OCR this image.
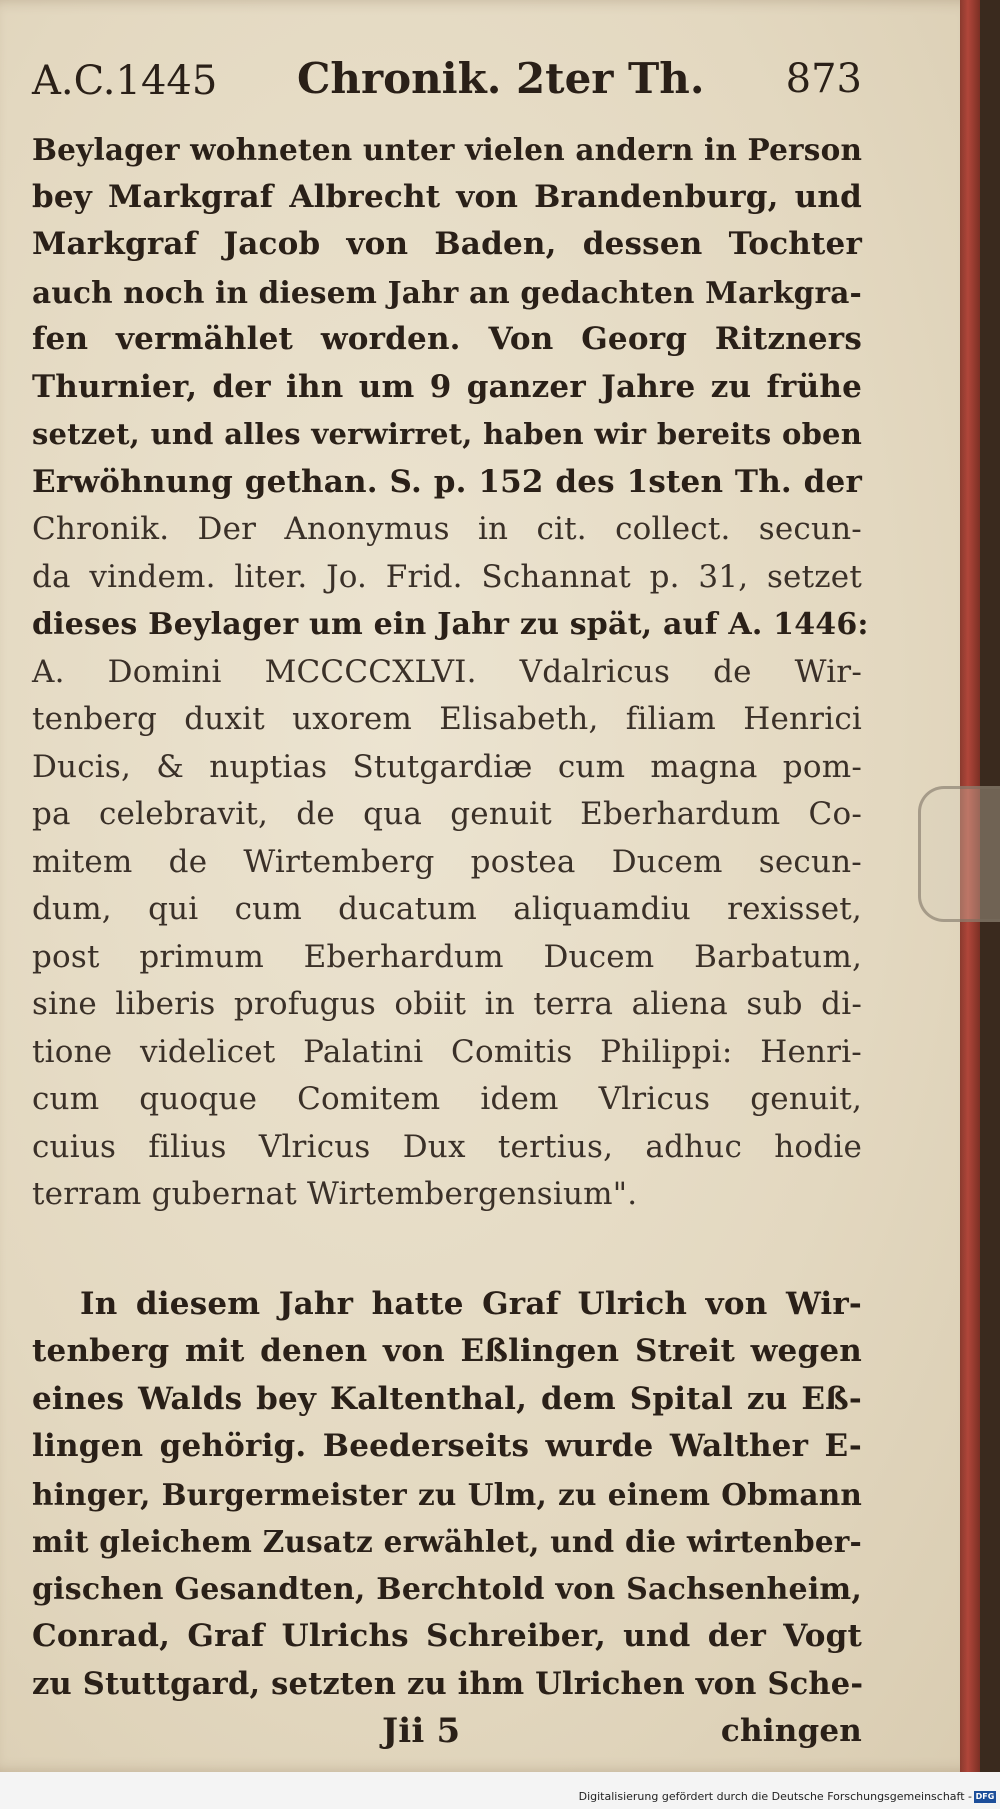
A.C.1445 Chronik. 2ter Th. 873
Beylager wohneten unter vielen andern in Person
bey Markgraf Albrecht von Brandenburg, und
Markgraf Jacob von Baden, dessen Tochter
auch noch in diesem Jahr an gedachten Markgra-
fen vermählet worden. Von Georg Ritzners
Thurnier, der ihn um 9 ganzer Jahre zu frühe
setzet, und alles verwirret, haben wir bereits oben
Erwöhnung gethan. S. p. 152 des 1sten Th. der
Chronik. Der Anonymus in cit. collect. secun-
da vindem. liter. Jo. Frid. Schannat p. 31, setzet
dieses Beylager um ein Jahr zu spät, auf A. 1446:
A. Domini MCCCCXLVI. Vdalricus de Wir-
tenberg duxit uxorem Elisabeth, filiam Henrici
Ducis, & nuptias Stutgardiæ cum magna pom-
pa celebravit, de qua genuit Eberhardum Co-
mitem de Wirtemberg postea Ducem secun-
dum, qui cum ducatum aliquamdiu rexisset,
post primum Eberhardum Ducem Barbatum,
sine liberis profugus obiit in terra aliena sub di-
tione videlicet Palatini Comitis Philippi: Henri-
cum quoque Comitem idem Vlricus genuit,
cuius filius Vlricus Dux tertius, adhuc hodie
terram gubernat Wirtembergensium".
In diesem Jahr hatte Graf Ulrich von Wir-
tenberg mit denen von Eßlingen Streit wegen
eines Walds bey Kaltenthal, dem Spital zu Eß-
lingen gehörig. Beederseits wurde Walther E-
hinger, Burgermeister zu Ulm, zu einem Obmann
mit gleichem Zusatz erwählet, und die wirtenber-
gischen Gesandten, Berchtold von Sachsenheim,
Conrad, Graf Ulrichs Schreiber, und der Vogt
zu Stuttgard, setzten zu ihm Ulrichen von Sche-
Jii 5	chingen
Digitalisierung gefördert durch die Deutsche Forschungsgemeinschaft - DFG
